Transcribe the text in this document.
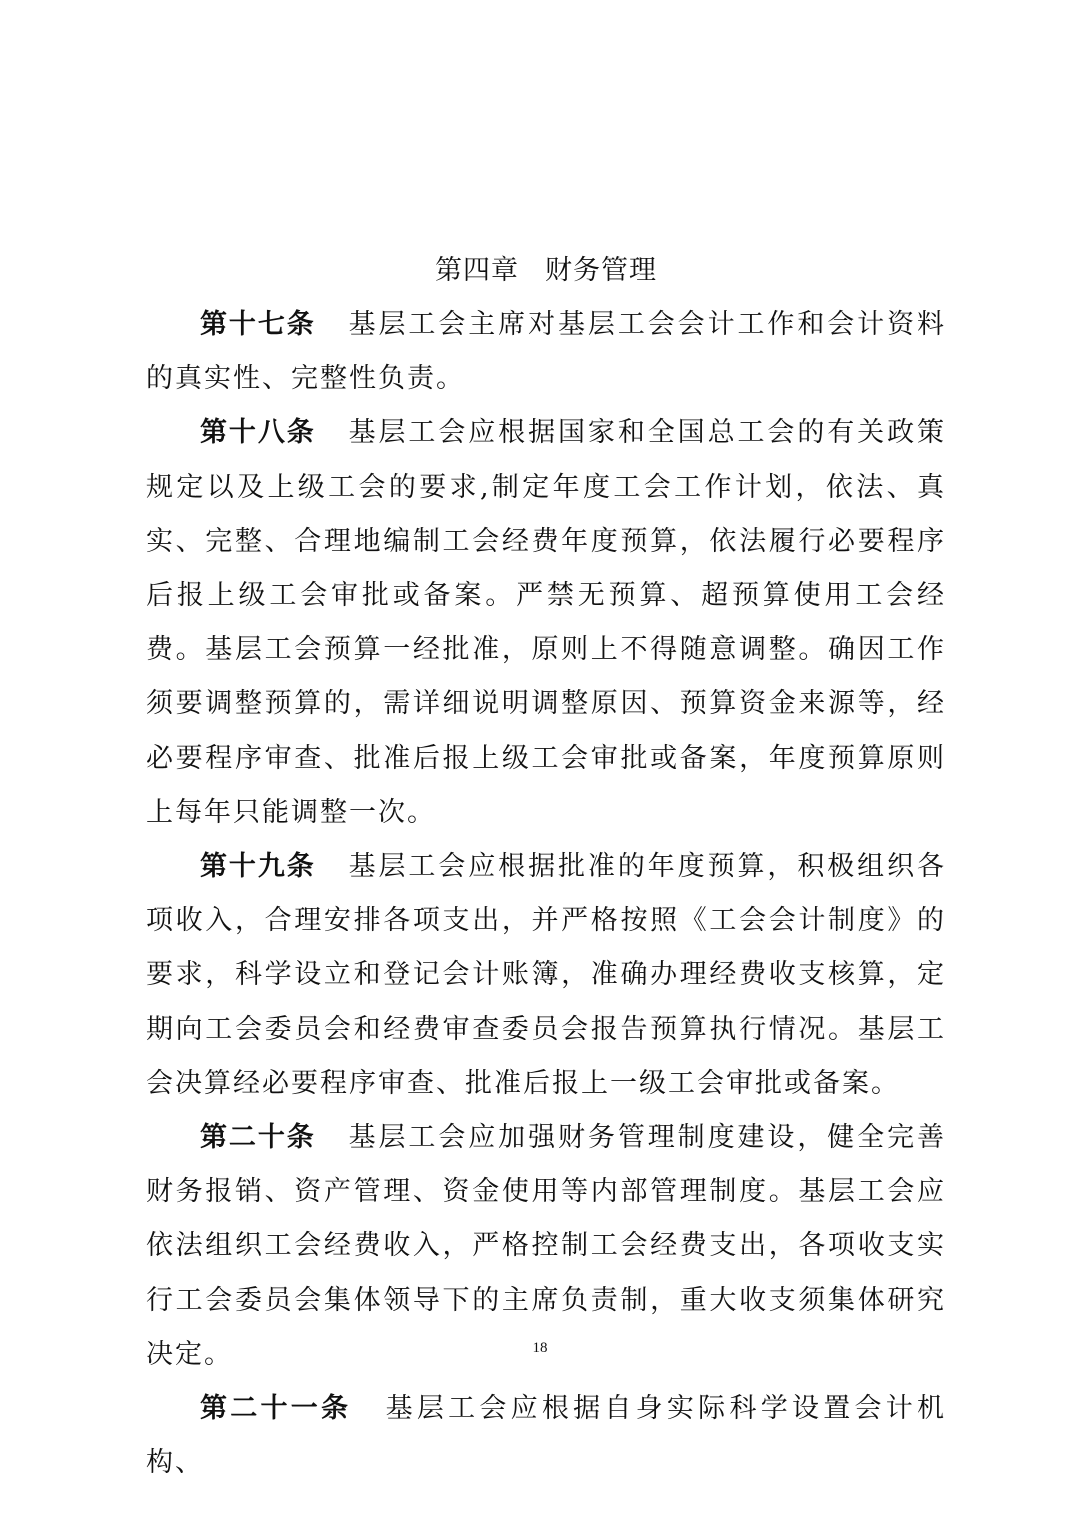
第四章 财务管理

第十七条 基层工会主席对基层工会会计工作和会计资料的真实性、完整性负责。

第十八条 基层工会应根据国家和全国总工会的有关政策规定以及上级工会的要求,制定年度工会工作计划，依法、真实、完整、合理地编制工会经费年度预算，依法履行必要程序后报上级工会审批或备案。严禁无预算、超预算使用工会经费。基层工会预算一经批准，原则上不得随意调整。确因工作须要调整预算的，需详细说明调整原因、预算资金来源等，经必要程序审查、批准后报上级工会审批或备案，年度预算原则上每年只能调整一次。

第十九条 基层工会应根据批准的年度预算，积极组织各项收入，合理安排各项支出，并严格按照《工会会计制度》的要求，科学设立和登记会计账簿，准确办理经费收支核算，定期向工会委员会和经费审查委员会报告预算执行情况。基层工会决算经必要程序审查、批准后报上一级工会审批或备案。

第二十条 基层工会应加强财务管理制度建设，健全完善财务报销、资产管理、资金使用等内部管理制度。基层工会应依法组织工会经费收入，严格控制工会经费支出，各项收支实行工会委员会集体领导下的主席负责制，重大收支须集体研究决定。

第二十一条 基层工会应根据自身实际科学设置会计机构、

18
